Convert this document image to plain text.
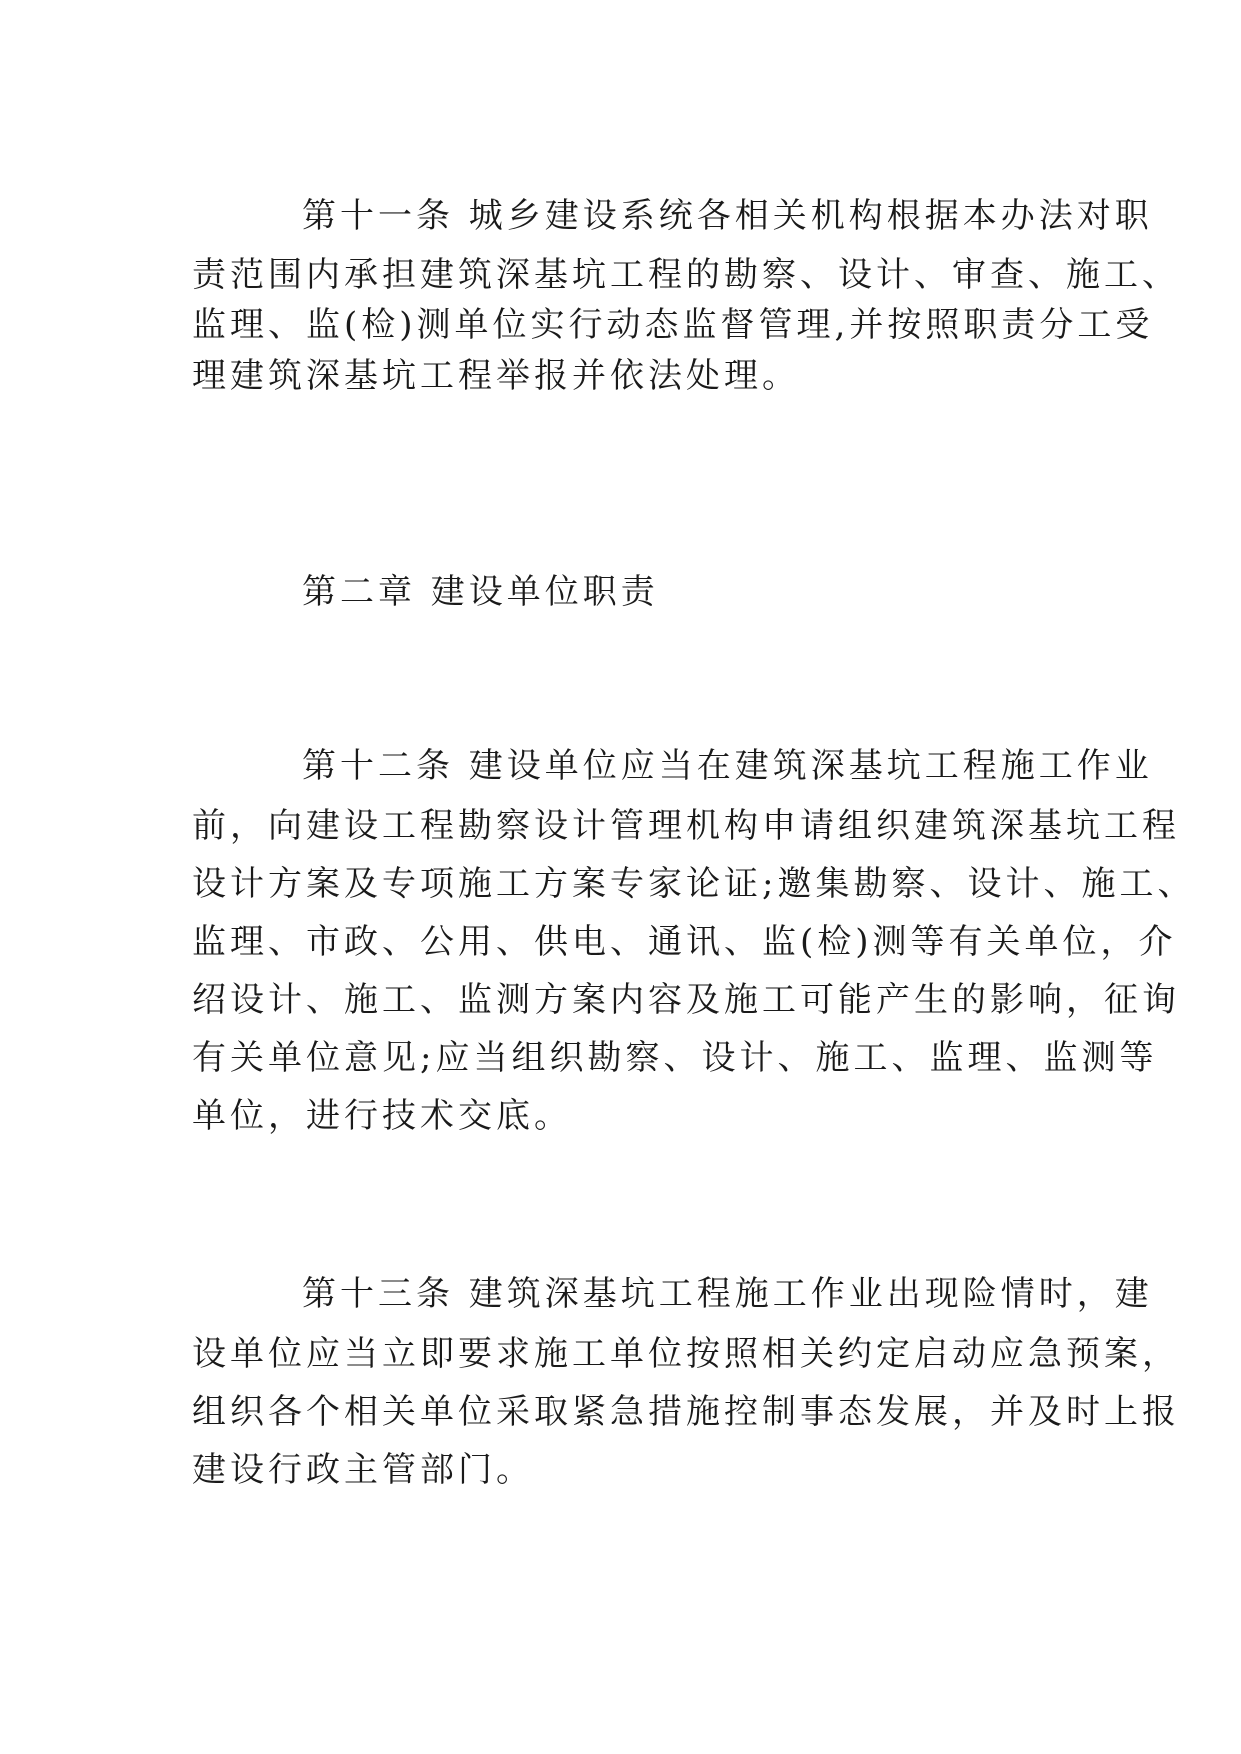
第十一条 城乡建设系统各相关机构根据本办法对职
责范围内承担建筑深基坑工程的勘察、设计、审查、施工、
监理、监(检)测单位实行动态监督管理,并按照职责分工受
理建筑深基坑工程举报并依法处理。
第二章 建设单位职责
第十二条 建设单位应当在建筑深基坑工程施工作业
前，向建设工程勘察设计管理机构申请组织建筑深基坑工程
设计方案及专项施工方案专家论证;邀集勘察、设计、施工、
监理、市政、公用、供电、通讯、监(检)测等有关单位，介
绍设计、施工、监测方案内容及施工可能产生的影响，征询
有关单位意见;应当组织勘察、设计、施工、监理、监测等
单位，进行技术交底。
第十三条 建筑深基坑工程施工作业出现险情时，建
设单位应当立即要求施工单位按照相关约定启动应急预案，
组织各个相关单位采取紧急措施控制事态发展，并及时上报
建设行政主管部门。
